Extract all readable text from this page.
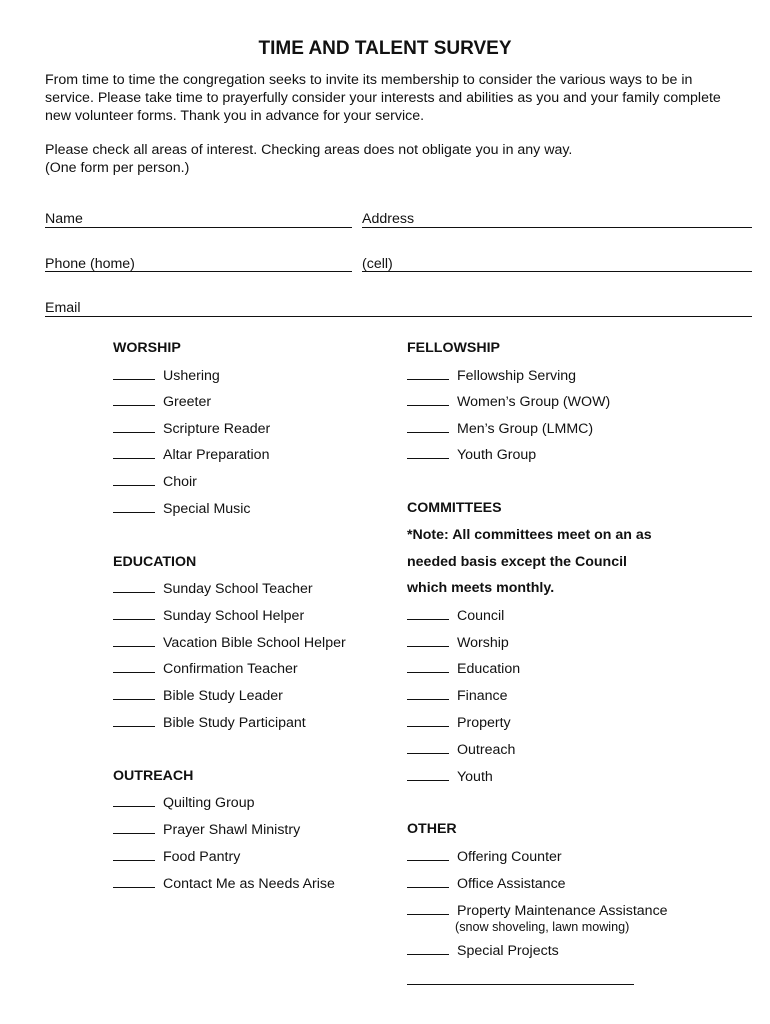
TIME AND TALENT SURVEY
From time to time the congregation seeks to invite its membership to consider the various ways to be in service. Please take time to prayerfully consider your interests and abilities as you and your family complete new volunteer forms. Thank you in advance for your service.
Please check all areas of interest. Checking areas does not obligate you in any way.
(One form per person.)
Name	Address
Phone (home)	(cell)
Email
WORSHIP
Ushering
Greeter
Scripture Reader
Altar Preparation
Choir
Special Music
EDUCATION
Sunday School Teacher
Sunday School Helper
Vacation Bible School Helper
Confirmation Teacher
Bible Study Leader
Bible Study Participant
OUTREACH
Quilting Group
Prayer Shawl Ministry
Food Pantry
Contact Me as Needs Arise
FELLOWSHIP
Fellowship Serving
Women’s Group (WOW)
Men’s Group (LMMC)
Youth Group
COMMITTEES
*Note: All committees meet on an as
needed basis except the Council
which meets monthly.
Council
Worship
Education
Finance
Property
Outreach
Youth
OTHER
Offering Counter
Office Assistance
Property Maintenance Assistance
(snow shoveling, lawn mowing)
Special Projects
